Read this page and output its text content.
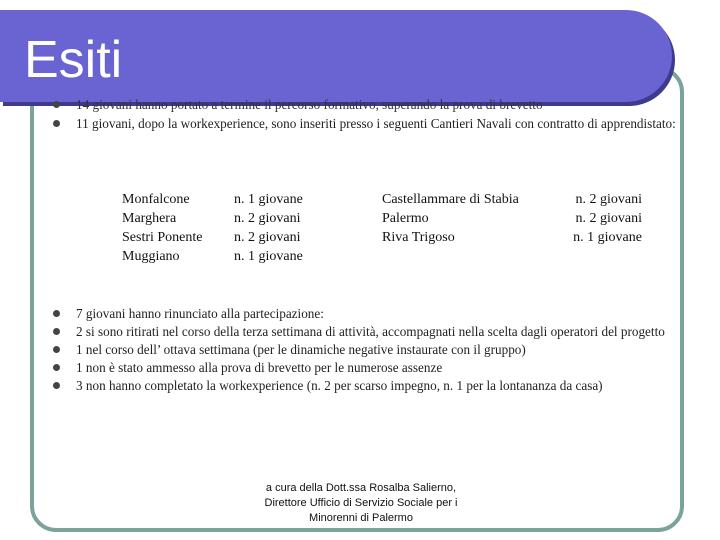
Esiti
14 giovani hanno portato a termine il percorso formativo, superando la prova di brevetto
11 giovani, dopo la workexperience, sono inseriti presso i seguenti Cantieri Navali con contratto di apprendistato:
Monfalcone	n. 1 giovane
Marghera	n. 2 giovani
Sestri Ponente n. 2 giovani
Muggiano	n. 1 giovane
Castellammare di Stabia	n. 2 giovani
Palermo	n. 2 giovani
Riva Trigoso	n. 1 giovane
7 giovani hanno rinunciato alla partecipazione:
2 si sono ritirati nel corso della terza settimana di attività, accompagnati nella scelta dagli operatori del progetto
1 nel corso dell’ ottava settimana (per le dinamiche negative instaurate con il gruppo)
1 non è stato ammesso alla prova di brevetto per le numerose assenze
3 non hanno completato la workexperience (n. 2 per scarso impegno, n. 1 per la lontananza da casa)
a cura della Dott.ssa Rosalba Salierno,
Direttore Ufficio di Servizio Sociale per i
Minorenni di Palermo
